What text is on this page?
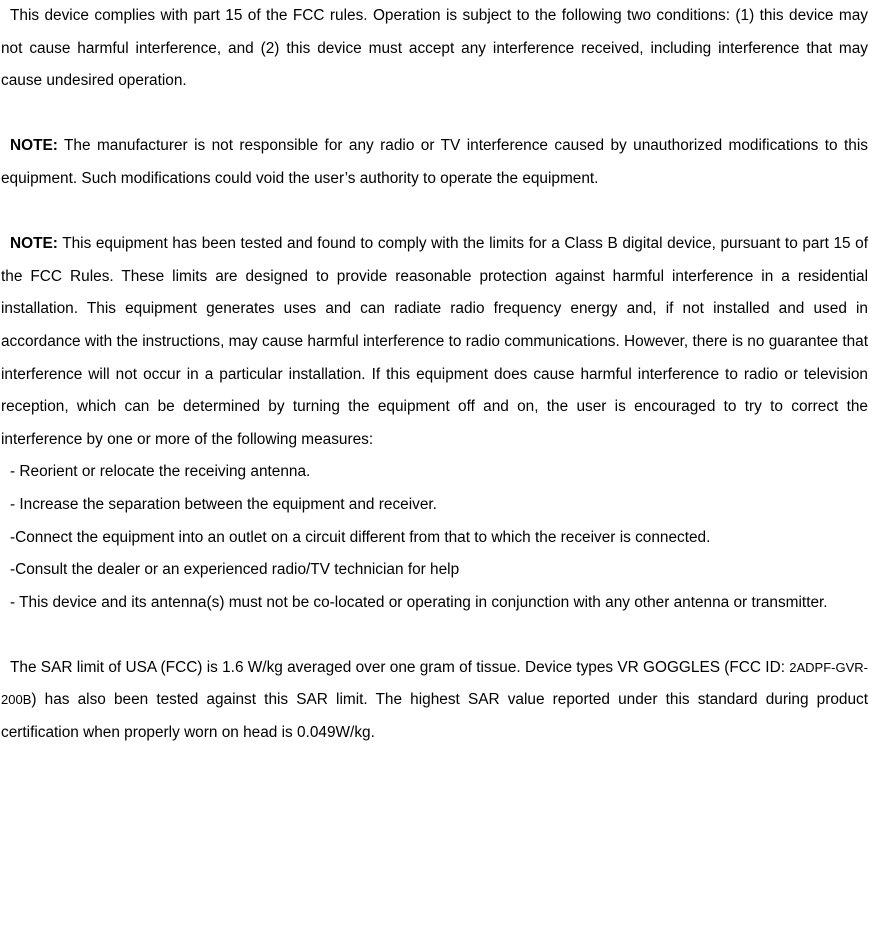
This device complies with part 15 of the FCC rules. Operation is subject to the following two conditions: (1) this device may not cause harmful interference, and (2) this device must accept any interference received, including interference that may cause undesired operation.

NOTE: The manufacturer is not responsible for any radio or TV interference caused by unauthorized modifications to this equipment. Such modifications could void the user’s authority to operate the equipment.

NOTE: This equipment has been tested and found to comply with the limits for a Class B digital device, pursuant to part 15 of the FCC Rules. These limits are designed to provide reasonable protection against harmful interference in a residential installation. This equipment generates uses and can radiate radio frequency energy and, if not installed and used in accordance with the instructions, may cause harmful interference to radio communications. However, there is no guarantee that interference will not occur in a particular installation. If this equipment does cause harmful interference to radio or television reception, which can be determined by turning the equipment off and on, the user is encouraged to try to correct the interference by one or more of the following measures:

- Reorient or relocate the receiving antenna.

- Increase the separation between the equipment and receiver.

-Connect the equipment into an outlet on a circuit different from that to which the receiver is connected.

-Consult the dealer or an experienced radio/TV technician for help

- This device and its antenna(s) must not be co-located or operating in conjunction with any other antenna or transmitter.

The SAR limit of USA (FCC) is 1.6 W/kg averaged over one gram of tissue. Device types VR GOGGLES (FCC ID: 2ADPF-GVR-200B) has also been tested against this SAR limit. The highest SAR value reported under this standard during product certification when properly worn on head is 0.049W/kg.
